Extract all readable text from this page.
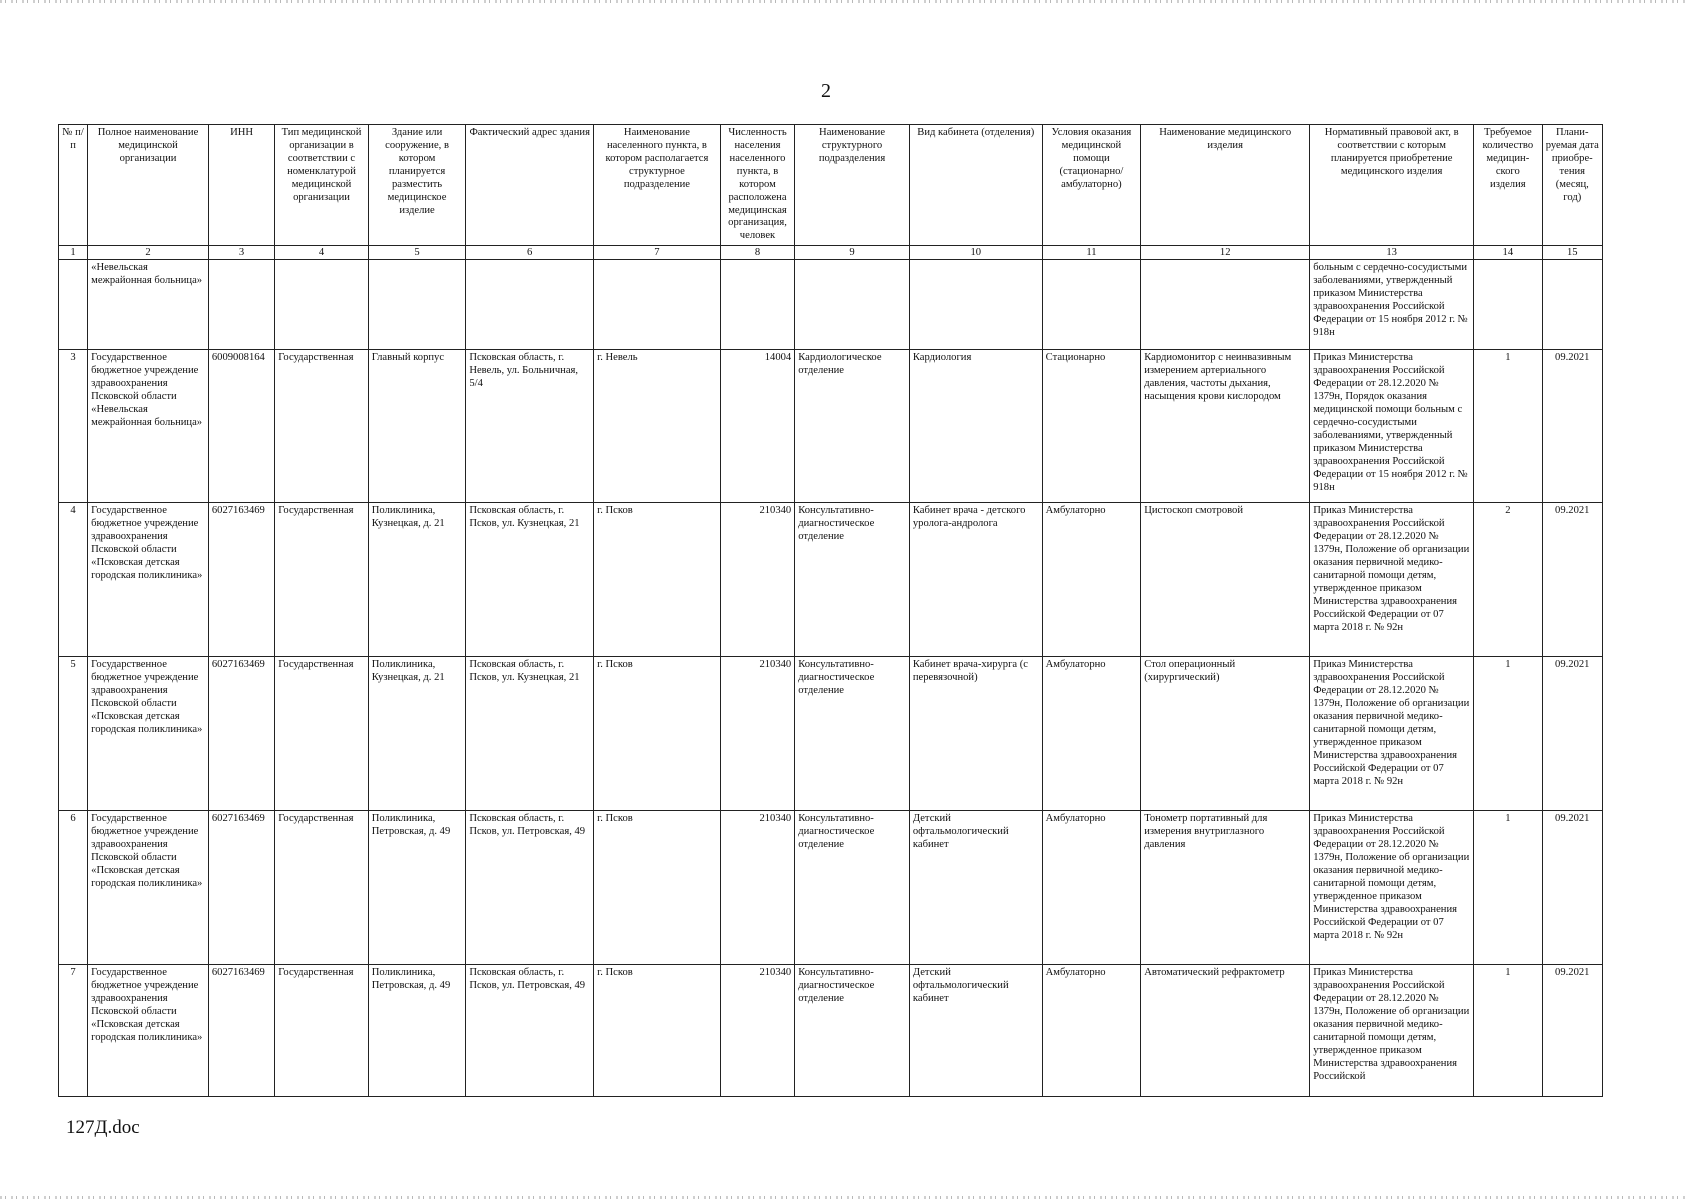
2
№ п/п	Полное наименование медицинской организации	ИНН	Тип медицинской организации в соответствии с номенклатурой медицинской организации	Здание или сооружение, в котором планируется разместить медицинское изделие	Фактический адрес здания	Наименование населенного пункта, в котором располагается структурное подразделение	Численность населения населенного пункта, в котором расположена медицинская организация, человек	Наименование структурного подразделения	Вид кабинета (отделения)	Условия оказания медицинской помощи (стационарно/ амбулаторно)	Наименование медицинского изделия	Нормативный правовой акт, в соответствии с которым планируется приобретение медицинского изделия	Требуемое количество медицин-ского изделия	Плани-руемая дата приобре-тения (месяц, год)
1	2	3	4	5	6	7	8	9	10	11	12	13	14	15
	«Невельская межрайонная больница»											больным с сердечно-сосудистыми заболеваниями, утвержденный приказом Министерства здравоохранения Российской Федерации от 15 ноября 2012 г. № 918н		
3	Государственное бюджетное учреждение здравоохранения Псковской области «Невельская межрайонная больница»	6009008164	Государственная	Главный корпус	Псковская область, г. Невель, ул. Больничная, 5/4	г. Невель	14004	Кардиологическое отделение	Кардиология	Стационарно	Кардиомонитор с неинвазивным измерением артериального давления, частоты дыхания, насыщения крови кислородом	Приказ Министерства здравоохранения Российской Федерации от 28.12.2020 № 1379н, Порядок оказания медицинской помощи больным с сердечно-сосудистыми заболеваниями, утвержденный приказом Министерства здравоохранения Российской Федерации от 15 ноября 2012 г. № 918н	1	09.2021
4	Государственное бюджетное учреждение здравоохранения Псковской области «Псковская детская городская поликлиника»	6027163469	Государственная	Поликлиника, Кузнецкая, д. 21	Псковская область, г. Псков, ул. Кузнецкая, 21	г. Псков	210340	Консультативно-диагностическое отделение	Кабинет врача - детского уролога-андролога	Амбулаторно	Цистоскоп смотровой	Приказ Министерства здравоохранения Российской Федерации от 28.12.2020 № 1379н, Положение об организации оказания первичной медико-санитарной помощи детям, утвержденное приказом Министерства здравоохранения Российской Федерации от 07 марта 2018 г. № 92н	2	09.2021
5	Государственное бюджетное учреждение здравоохранения Псковской области «Псковская детская городская поликлиника»	6027163469	Государственная	Поликлиника, Кузнецкая, д. 21	Псковская область, г. Псков, ул. Кузнецкая, 21	г. Псков	210340	Консультативно-диагностическое отделение	Кабинет врача-хирурга (с перевязочной)	Амбулаторно	Стол операционный (хирургический)	Приказ Министерства здравоохранения Российской Федерации от 28.12.2020 № 1379н, Положение об организации оказания первичной медико-санитарной помощи детям, утвержденное приказом Министерства здравоохранения Российской Федерации от 07 марта 2018 г. № 92н	1	09.2021
6	Государственное бюджетное учреждение здравоохранения Псковской области «Псковская детская городская поликлиника»	6027163469	Государственная	Поликлиника, Петровская, д. 49	Псковская область, г. Псков, ул. Петровская, 49	г. Псков	210340	Консультативно-диагностическое отделение	Детский офтальмологический кабинет	Амбулаторно	Тонометр портативный для измерения внутриглазного давления	Приказ Министерства здравоохранения Российской Федерации от 28.12.2020 № 1379н, Положение об организации оказания первичной медико-санитарной помощи детям, утвержденное приказом Министерства здравоохранения Российской Федерации от 07 марта 2018 г. № 92н	1	09.2021
7	Государственное бюджетное учреждение здравоохранения Псковской области «Псковская детская городская поликлиника»	6027163469	Государственная	Поликлиника, Петровская, д. 49	Псковская область, г. Псков, ул. Петровская, 49	г. Псков	210340	Консультативно-диагностическое отделение	Детский офтальмологический кабинет	Амбулаторно	Автоматический рефрактометр	Приказ Министерства здравоохранения Российской Федерации от 28.12.2020 № 1379н, Положение об организации оказания первичной медико-санитарной помощи детям, утвержденное приказом Министерства здравоохранения Российской	1	09.2021
127Д.doc
